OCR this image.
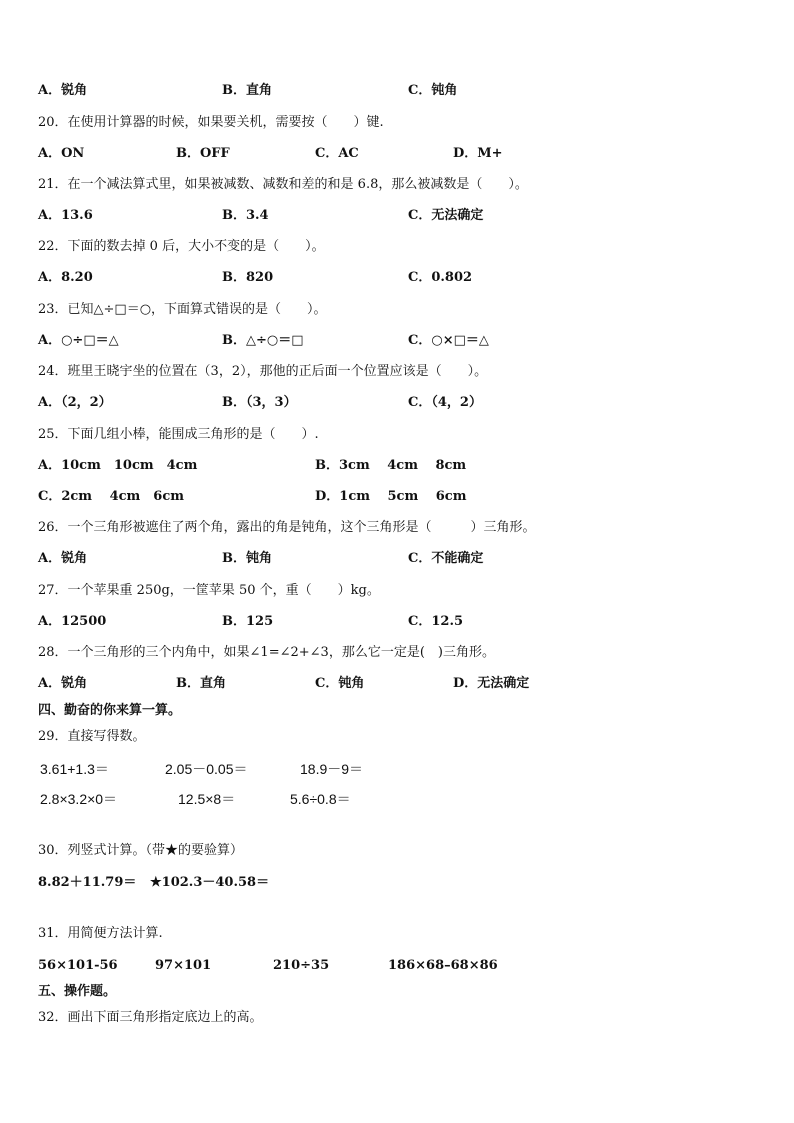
A．锐角	B．直角	C．钝角
20．在使用计算器的时候，如果要关机，需要按（　　）键.
A．ON	B．OFF	C．AC	D．M+
21．在一个减法算式里，如果被减数、减数和差的和是 6.8，那么被减数是（　　）。
A．13.6	B．3.4	C．无法确定
22．下面的数去掉 0 后，大小不变的是（　　）。
A．8.20	B．820	C．0.802
23．已知△÷□＝○，下面算式错误的是（　　）。
A．○÷□＝△	B．△÷○＝□	C．○×□＝△
24．班里王晓宇坐的位置在（3，2），那他的正后面一个位置应该是（　　）。
A．（2，2）	B．（3，3）	C．（4，2）
25．下面几组小棒，能围成三角形的是（　　）.
A．10cm　10cm　4cm	B．3cm　 4cm　 8cm
C．2cm　 4cm　6cm	D．1cm　 5cm　 6cm
26．一个三角形被遮住了两个角，露出的角是钝角，这个三角形是（　　　）三角形。
A．锐角	B．钝角	C．不能确定
27．一个苹果重 250g，一筐苹果 50 个，重（　　）kg。
A．12500	B．125	C．12.5
28．一个三角形的三个内角中，如果∠1=∠2+∠3，那么它一定是(　)三角形。
A．锐角	B．直角	C．钝角	D．无法确定
四、勤奋的你来算一算。
29．直接写得数。
3.61+1.3＝	2.05－0.05＝	18.9－9＝
2.8×3.2×0＝	12.5×8＝	5.6÷0.8＝
30．列竖式计算。（带★的要验算）
8.82＋11.79＝ ★102.3－40.58＝
31．用简便方法计算.
56×101-56	97×101	210÷35	186×68–68×86
五、操作题。
32．画出下面三角形指定底边上的高。
